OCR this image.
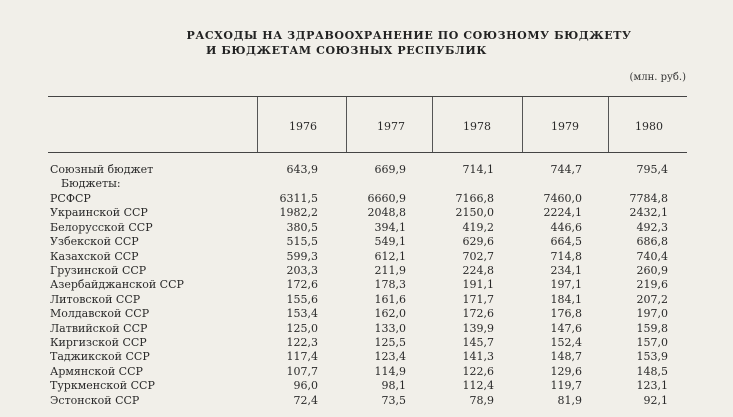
РАСХОДЫ НА ЗДРАВООХРАНЕНИЕ ПО СОЮЗНОМУ БЮДЖЕТУ
И БЮДЖЕТАМ СОЮЗНЫХ РЕСПУБЛИК
(млн. руб.)
1976	1977	1978	1979	1980
Союзный бюджет	643,9	669,9	714,1	744,7	795,4
Бюджеты:
РСФСР	6311,5	6660,9	7166,8	7460,0	7784,8
Украинской ССР	1982,2	2048,8	2150,0	2224,1	2432,1
Белорусской ССР	380,5	394,1	419,2	446,6	492,3
Узбекской ССР	515,5	549,1	629,6	664,5	686,8
Казахской ССР	599,3	612,1	702,7	714,8	740,4
Грузинской ССР	203,3	211,9	224,8	234,1	260,9
Азербайджанской ССР	172,6	178,3	191,1	197,1	219,6
Литовской ССР	155,6	161,6	171,7	184,1	207,2
Молдавской ССР	153,4	162,0	172,6	176,8	197,0
Латвийской ССР	125,0	133,0	139,9	147,6	159,8
Киргизской ССР	122,3	125,5	145,7	152,4	157,0
Таджикской ССР	117,4	123,4	141,3	148,7	153,9
Армянской ССР	107,7	114,9	122,6	129,6	148,5
Туркменской ССР	96,0	98,1	112,4	119,7	123,1
Эстонской ССР	72,4	73,5	78,9	81,9	92,1
